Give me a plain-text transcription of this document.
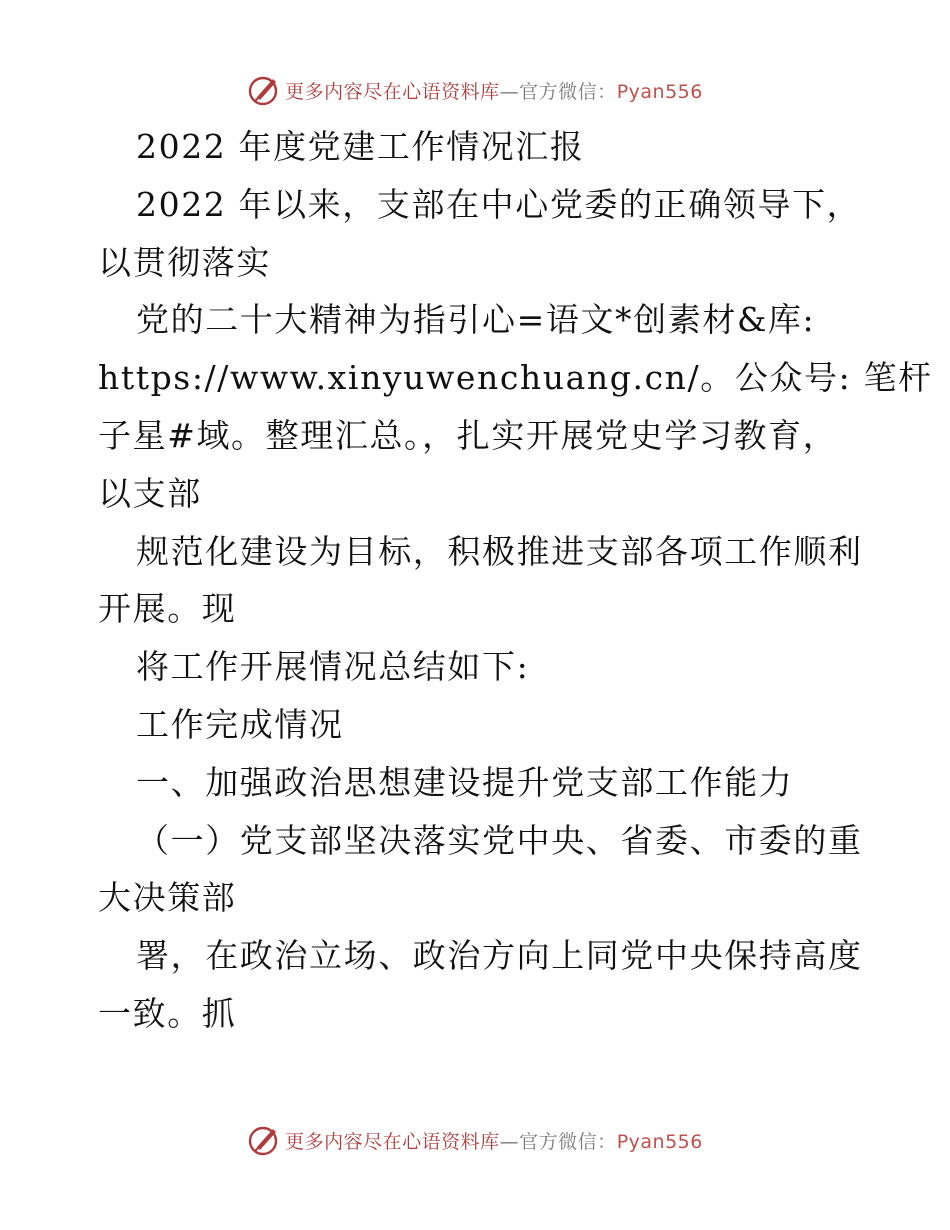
更多内容尽在心语资料库—官方微信：Pyan556
2022 年度党建工作情况汇报
2022 年以来，支部在中心党委的正确领导下，
以贯彻落实
党的二十大精神为指引心=语文*创素材&库:
https://www.xinyuwenchuang.cn/。公众号: 笔杆
子星#域。整理汇总。，扎实开展党史学习教育，
以支部
规范化建设为目标，积极推进支部各项工作顺利
开展。现
将工作开展情况总结如下:
工作完成情况
一、加强政治思想建设提升党支部工作能力
（一）党支部坚决落实党中央、省委、市委的重
大决策部
署，在政治立场、政治方向上同党中央保持高度
一致。抓
更多内容尽在心语资料库—官方微信：Pyan556
